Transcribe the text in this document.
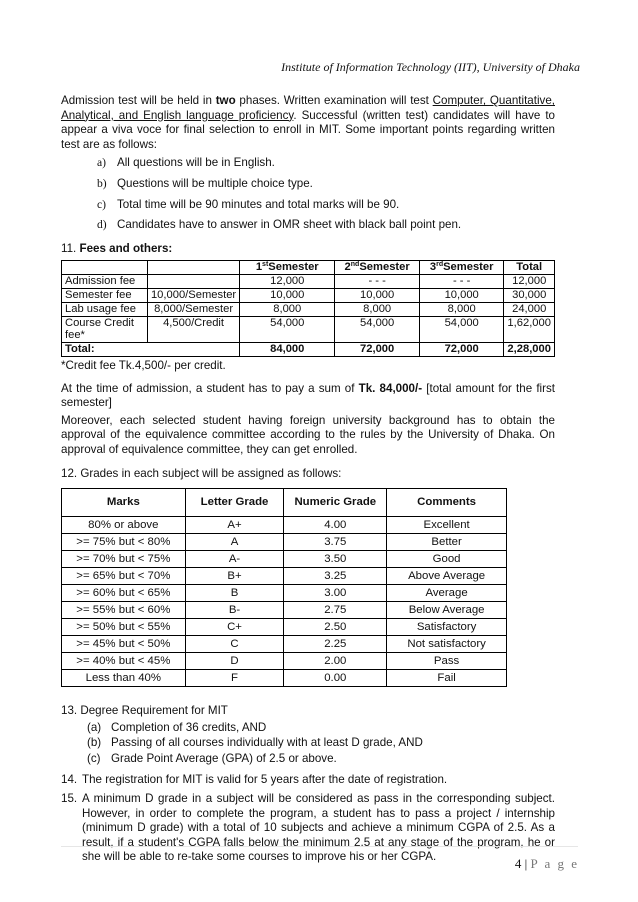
Institute of Information Technology (IIT), University of Dhaka

Admission test will be held in two phases. Written examination will test Computer, Quantitative, Analytical, and English language proficiency. Successful (written test) candidates will have to appear a viva voce for final selection to enroll in MIT. Some important points regarding written test are as follows:

a) All questions will be in English.
b) Questions will be multiple choice type.
c) Total time will be 90 minutes and total marks will be 90.
d) Candidates have to answer in OMR sheet with black ball point pen.
11. Fees and others:
		1stSemester	2ndSemester	3rdSemester	Total
Admission fee		12,000	- - -	- - -	12,000
Semester fee	10,000/Semester	10,000	10,000	10,000	30,000
Lab usage fee	8,000/Semester	8,000	8,000	8,000	24,000
Course Credit fee*	4,500/Credit	54,000	54,000	54,000	1,62,000
Total:		84,000	72,000	72,000	2,28,000
*Credit fee Tk.4,500/- per credit.

At the time of admission, a student has to pay a sum of Tk. 84,000/- [total amount for the first semester]

Moreover, each selected student having foreign university background has to obtain the approval of the equivalence committee according to the rules by the University of Dhaka. On approval of equivalence committee, they can get enrolled.

12. Grades in each subject will be assigned as follows:
Marks	Letter Grade	Numeric Grade	Comments
80% or above	A+	4.00	Excellent
>= 75% but < 80%	A	3.75	Better
>= 70% but < 75%	A-	3.50	Good
>= 65% but < 70%	B+	3.25	Above Average
>= 60% but < 65%	B	3.00	Average
>= 55% but < 60%	B-	2.75	Below Average
>= 50% but < 55%	C+	2.50	Satisfactory
>= 45% but < 50%	C	2.25	Not satisfactory
>= 40% but < 45%	D	2.00	Pass
Less than 40%	F	0.00	Fail
13. Degree Requirement for MIT
(a) Completion of 36 credits, AND
(b) Passing of all courses individually with at least D grade, AND
(c) Grade Point Average (GPA) of 2.5 or above.
14. The registration for MIT is valid for 5 years after the date of registration.
15. A minimum D grade in a subject will be considered as pass in the corresponding subject. However, in order to complete the program, a student has to pass a project / internship (minimum D grade) with a total of 10 subjects and achieve a minimum CGPA of 2.5. As a result, if a student's CGPA falls below the minimum 2.5 at any stage of the program, he or she will be able to re-take some courses to improve his or her CGPA.	4 | P a g e
